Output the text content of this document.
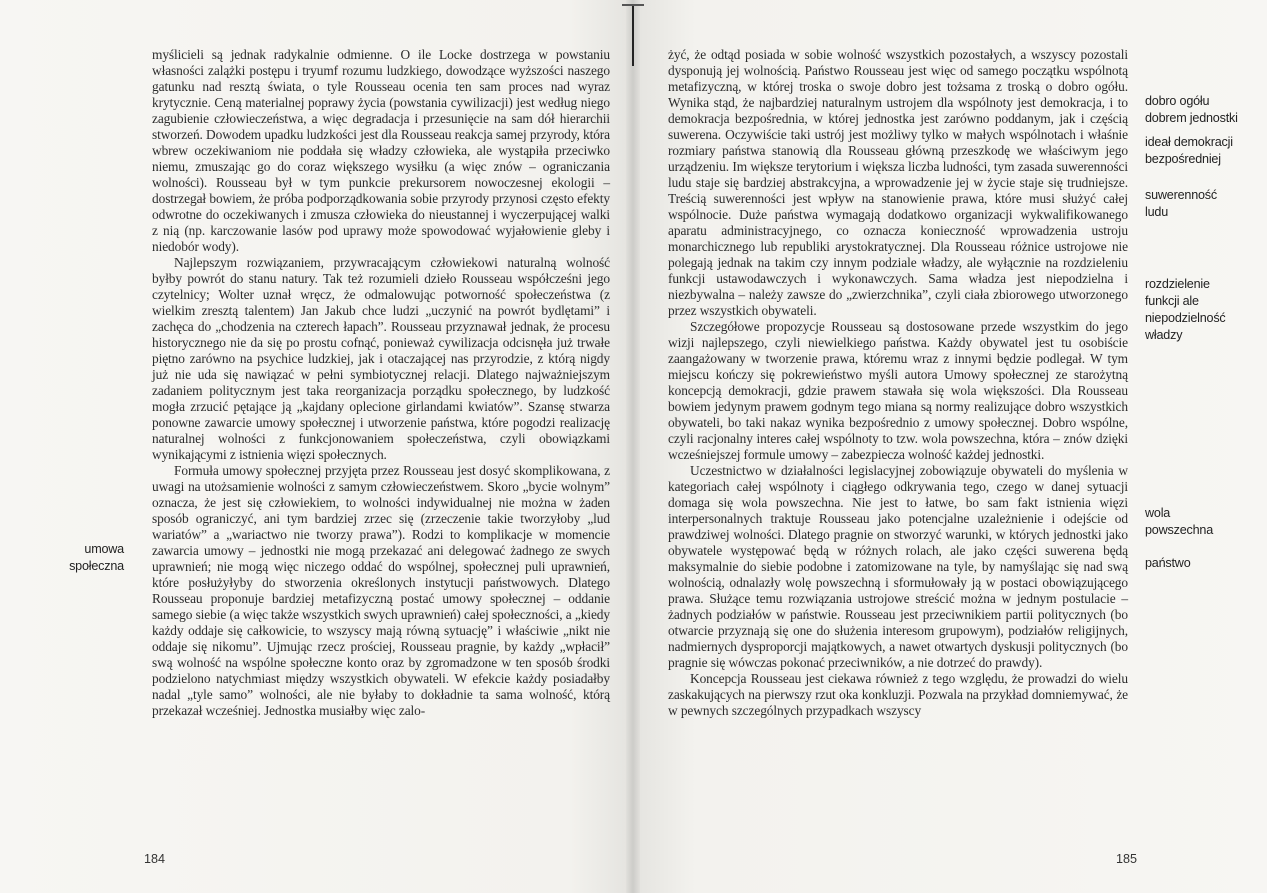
myślicieli są jednak radykalnie odmienne. O ile Locke dostrzega w powstaniu własności zalążki postępu i tryumf rozumu ludzkiego, dowodzące wyższości naszego gatunku nad resztą świata, o tyle Rousseau ocenia ten sam proces nad wyraz krytycznie. Ceną materialnej poprawy życia (powstania cywilizacji) jest według niego zagubienie człowieczeństwa, a więc degradacja i przesunięcie na sam dół hierarchii stworzeń. Dowodem upadku ludzkości jest dla Rousseau reakcja samej przyrody, która wbrew oczekiwaniom nie poddała się władzy człowieka, ale wystąpiła przeciwko niemu, zmuszając go do coraz większego wysiłku (a więc znów – ograniczania wolności). Rousseau był w tym punkcie prekursorem nowoczesnej ekologii – dostrzegał bowiem, że próba podporządkowania sobie przyrody przynosi często efekty odwrotne do oczekiwanych i zmusza człowieka do nieustannej i wyczerpującej walki z nią (np. karczowanie lasów pod uprawy może spowodować wyjałowienie gleby i niedobór wody).

Najlepszym rozwiązaniem, przywracającym człowiekowi naturalną wolność byłby powrót do stanu natury. Tak też rozumieli dzieło Rousseau współcześni jego czytelnicy; Wolter uznał wręcz, że odmalowując potworność społeczeństwa (z wielkim zresztą talentem) Jan Jakub chce ludzi „uczynić na powrót bydlętami” i zachęca do „chodzenia na czterech łapach”. Rousseau przyznawał jednak, że procesu historycznego nie da się po prostu cofnąć, ponieważ cywilizacja odcisnęła już trwałe piętno zarówno na psychice ludzkiej, jak i otaczającej nas przyrodzie, z którą nigdy już nie uda się nawiązać w pełni symbiotycznej relacji. Dlatego najważniejszym zadaniem politycznym jest taka reorganizacja porządku społecznego, by ludzkość mogła zrzucić pętające ją „kajdany oplecione girlandami kwiatów”. Szansę stwarza ponowne zawarcie umowy społecznej i utworzenie państwa, które pogodzi realizację naturalnej wolności z funkcjonowaniem społeczeństwa, czyli obowiązkami wynikającymi z istnienia więzi społecznych.

Formuła umowy społecznej przyjęta przez Rousseau jest dosyć skomplikowana, z uwagi na utożsamienie wolności z samym człowieczeństwem. Skoro „bycie wolnym” oznacza, że jest się człowiekiem, to wolności indywidualnej nie można w żaden sposób ograniczyć, ani tym bardziej zrzec się (zrzeczenie takie tworzyłoby „lud wariatów” a „wariactwo nie tworzy prawa”). Rodzi to komplikacje w momencie zawarcia umowy – jednostki nie mogą przekazać ani delegować żadnego ze swych uprawnień; nie mogą więc niczego oddać do wspólnej, społecznej puli uprawnień, które posłużyłyby do stworzenia określonych instytucji państwowych. Dlatego Rousseau proponuje bardziej metafizyczną postać umowy społecznej – oddanie samego siebie (a więc także wszystkich swych uprawnień) całej społeczności, a „kiedy każdy oddaje się całkowicie, to wszyscy mają równą sytuację” i właściwie „nikt nie oddaje się nikomu”. Ujmując rzecz prościej, Rousseau pragnie, by każdy „wpłacił” swą wolność na wspólne społeczne konto oraz by zgromadzone w ten sposób środki podzielono natychmiast między wszystkich obywateli. W efekcie każdy posiadałby nadal „tyle samo” wolności, ale nie byłaby to dokładnie ta sama wolność, którą przekazał wcześniej. Jednostka musiałby więc zalo-

umowa
społeczna
184

żyć, że odtąd posiada w sobie wolność wszystkich pozostałych, a wszyscy pozostali dysponują jej wolnością. Państwo Rousseau jest więc od samego początku wspólnotą metafizyczną, w której troska o swoje dobro jest tożsama z troską o dobro ogółu. Wynika stąd, że najbardziej naturalnym ustrojem dla wspólnoty jest demokracja, i to demokracja bezpośrednia, w której jednostka jest zarówno poddanym, jak i częścią suwerena. Oczywiście taki ustrój jest możliwy tylko w małych wspólnotach i właśnie rozmiary państwa stanowią dla Rousseau główną przeszkodę we właściwym jego urządzeniu. Im większe terytorium i większa liczba ludności, tym zasada suwerenności ludu staje się bardziej abstrakcyjna, a wprowadzenie jej w życie staje się trudniejsze. Treścią suwerenności jest wpływ na stanowienie prawa, które musi służyć całej wspólnocie. Duże państwa wymagają dodatkowo organizacji wykwalifikowanego aparatu administracyjnego, co oznacza konieczność wprowadzenia ustroju monarchicznego lub republiki arystokratycznej. Dla Rousseau różnice ustrojowe nie polegają jednak na takim czy innym podziale władzy, ale wyłącznie na rozdzieleniu funkcji ustawodawczych i wykonawczych. Sama władza jest niepodzielna i niezbywalna – należy zawsze do „zwierzchnika”, czyli ciała zbiorowego utworzonego przez wszystkich obywateli.

Szczegółowe propozycje Rousseau są dostosowane przede wszystkim do jego wizji najlepszego, czyli niewielkiego państwa. Każdy obywatel jest tu osobiście zaangażowany w tworzenie prawa, któremu wraz z innymi będzie podlegał. W tym miejscu kończy się pokrewieństwo myśli autora Umowy społecznej ze starożytną koncepcją demokracji, gdzie prawem stawała się wola większości. Dla Rousseau bowiem jedynym prawem godnym tego miana są normy realizujące dobro wszystkich obywateli, bo taki nakaz wynika bezpośrednio z umowy społecznej. Dobro wspólne, czyli racjonalny interes całej wspólnoty to tzw. wola powszechna, która – znów dzięki wcześniejszej formule umowy – zabezpiecza wolność każdej jednostki.

Uczestnictwo w działalności legislacyjnej zobowiązuje obywateli do myślenia w kategoriach całej wspólnoty i ciągłego odkrywania tego, czego w danej sytuacji domaga się wola powszechna. Nie jest to łatwe, bo sam fakt istnienia więzi interpersonalnych traktuje Rousseau jako potencjalne uzależnienie i odejście od prawdziwej wolności. Dlatego pragnie on stworzyć warunki, w których jednostki jako obywatele występować będą w różnych rolach, ale jako części suwerena będą maksymalnie do siebie podobne i zatomizowane na tyle, by namyślając się nad swą wolnością, odnalazły wolę powszechną i sformułowały ją w postaci obowiązującego prawa. Służące temu rozwiązania ustrojowe streścić można w jednym postulacie – żadnych podziałów w państwie. Rousseau jest przeciwnikiem partii politycznych (bo otwarcie przyznają się one do służenia interesom grupowym), podziałów religijnych, nadmiernych dysproporcji majątkowych, a nawet otwartych dyskusji politycznych (bo pragnie się wówczas pokonać przeciwników, a nie dotrzeć do prawdy).

Koncepcja Rousseau jest ciekawa również z tego względu, że prowadzi do wielu zaskakujących na pierwszy rzut oka konkluzji. Pozwala na przykład domniemywać, że w pewnych szczególnych przypadkach wszyscy

dobro ogółu
dobrem jednostki
ideał demokracji
bezpośredniej
suwerenność
ludu
rozdzielenie
funkcji ale
niepodzielność
władzy
wola
powszechna
państwo
185
